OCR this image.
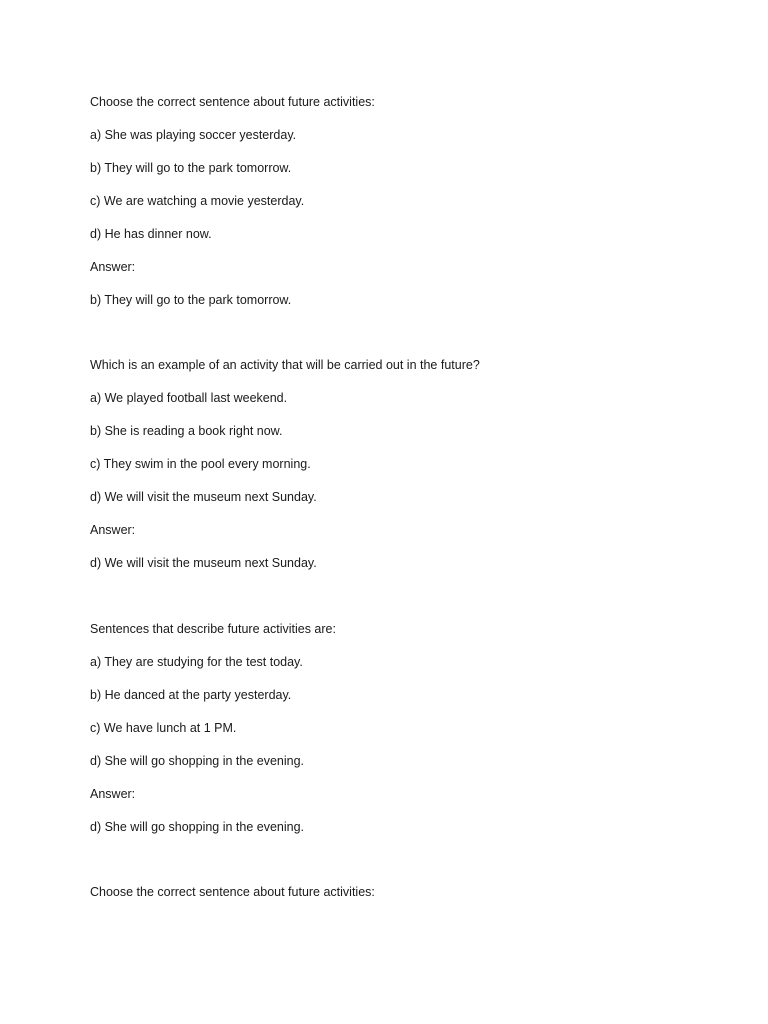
Choose the correct sentence about future activities:
a) She was playing soccer yesterday.
b) They will go to the park tomorrow.
c) We are watching a movie yesterday.
d) He has dinner now.
Answer:
b) They will go to the park tomorrow.
Which is an example of an activity that will be carried out in the future?
a) We played football last weekend.
b) She is reading a book right now.
c) They swim in the pool every morning.
d) We will visit the museum next Sunday.
Answer:
d) We will visit the museum next Sunday.
Sentences that describe future activities are:
a) They are studying for the test today.
b) He danced at the party yesterday.
c) We have lunch at 1 PM.
d) She will go shopping in the evening.
Answer:
d) She will go shopping in the evening.
Choose the correct sentence about future activities:
